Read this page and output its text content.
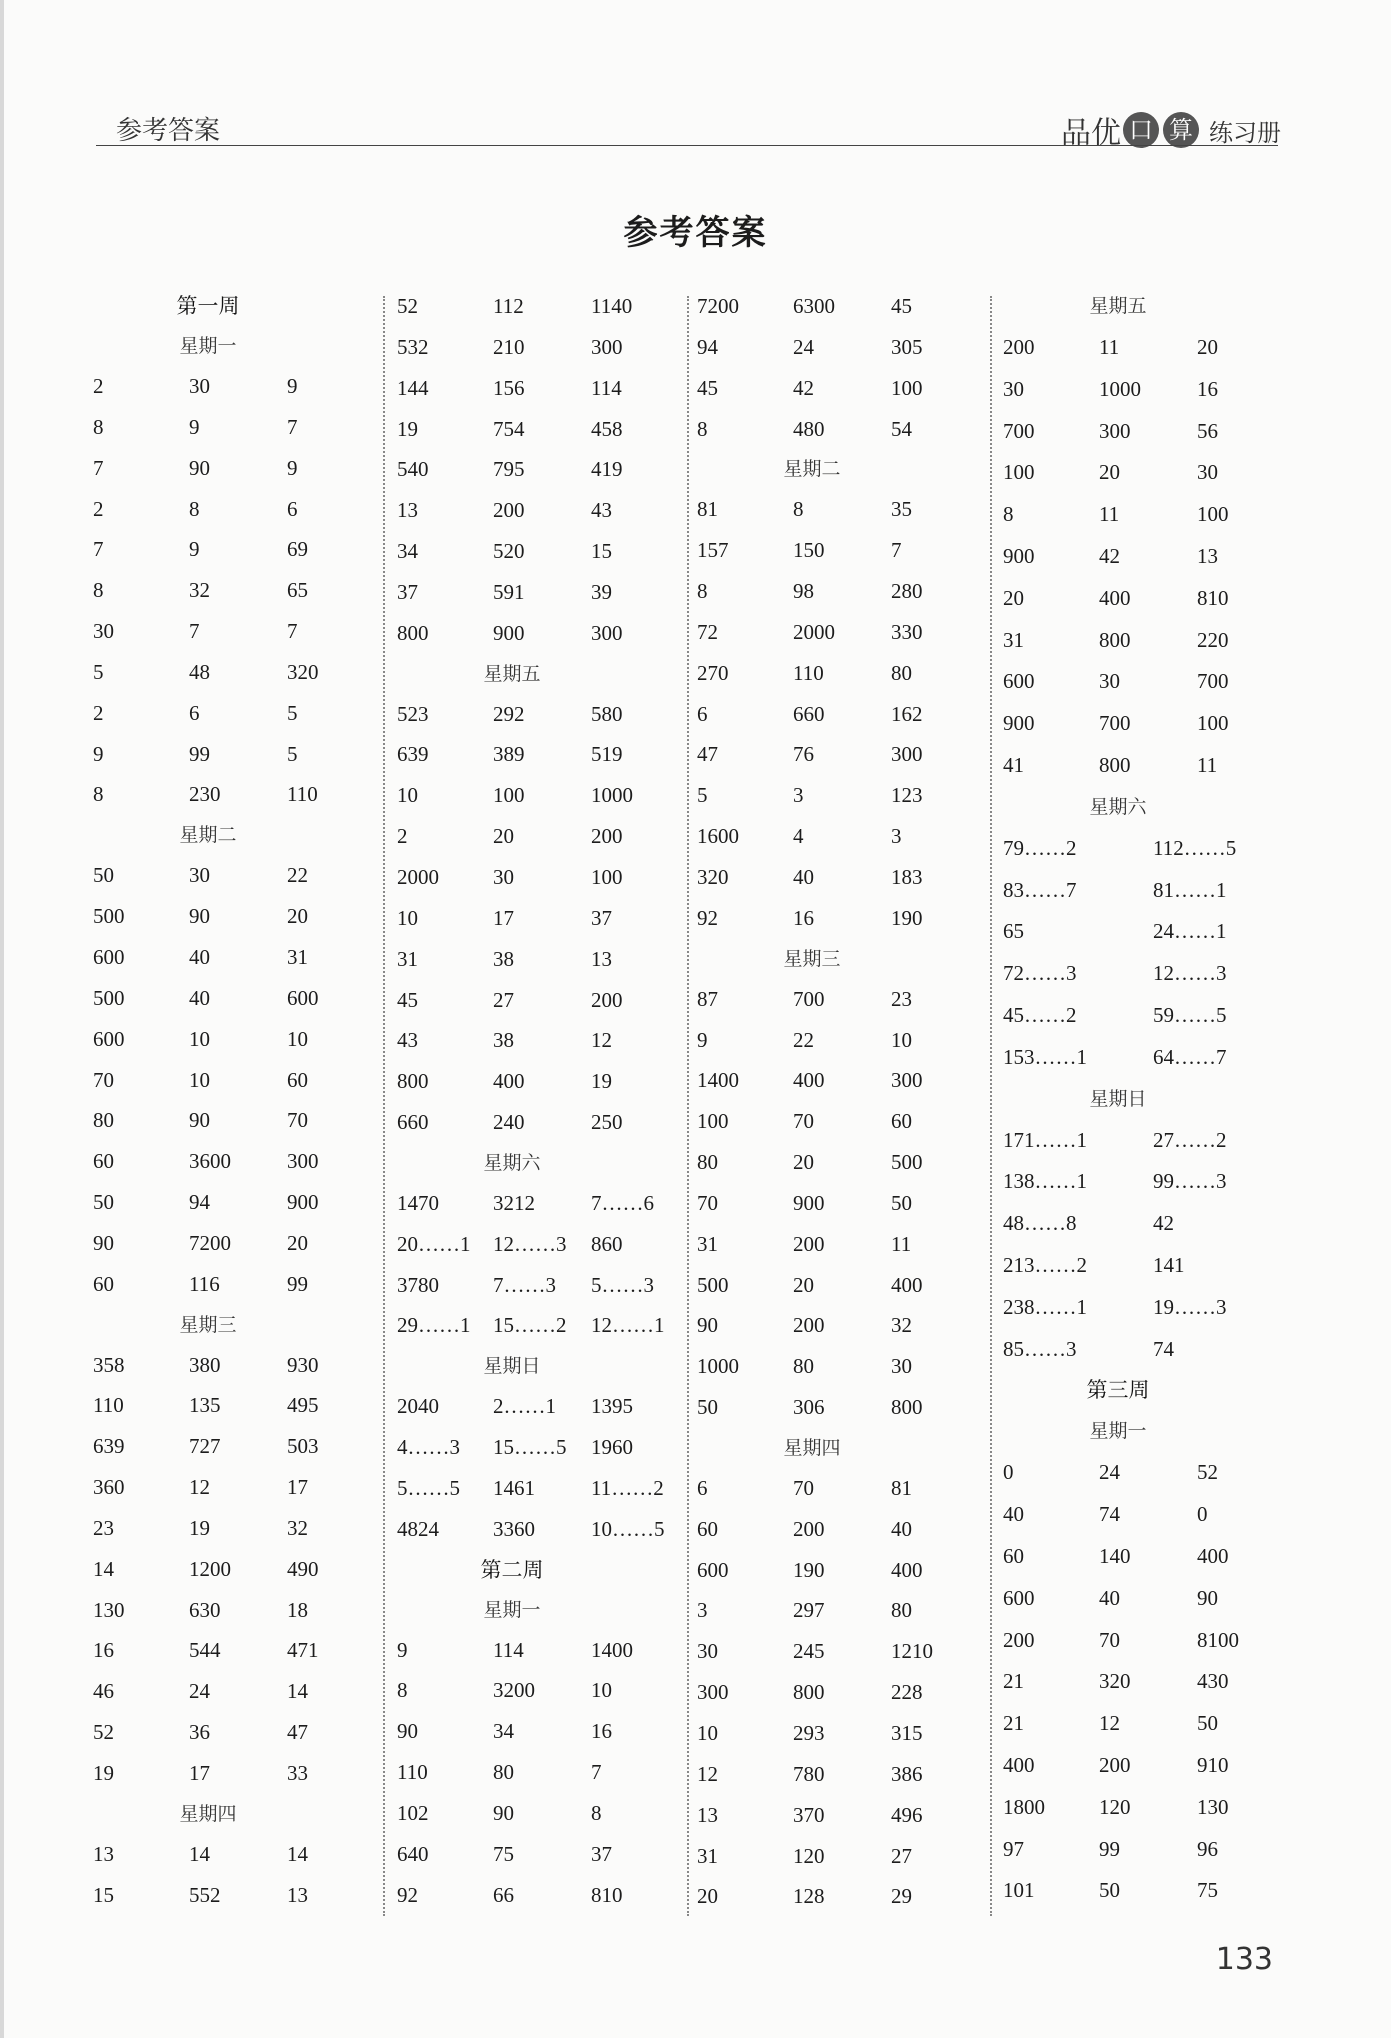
参考答案	品优 口 算 练习册
参考答案
第一周
星期一
2	30	9
8	9	7
7	90	9
2	8	6
7	9	69
8	32	65
30	7	7
5	48	320
2	6	5
9	99	5
8	230	110
星期二
50	30	22
500	90	20
600	40	31
500	40	600
600	10	10
70	10	60
80	90	70
60	3600	300
50	94	900
90	7200	20
60	116	99
星期三
358	380	930
110	135	495
639	727	503
360	12	17
23	19	32
14	1200	490
130	630	18
16	544	471
46	24	14
52	36	47
19	17	33
星期四
13	14	14
15	552	13
52	112	1140
532	210	300
144	156	114
19	754	458
540	795	419
13	200	43
34	520	15
37	591	39
800	900	300
星期五
523	292	580
639	389	519
10	100	1000
2	20	200
2000	30	100
10	17	37
31	38	13
45	27	200
43	38	12
800	400	19
660	240	250
星期六
1470	3212	7……6
20……1	12……3	860
3780	7……3	5……3
29……1	15……2	12……1
星期日
2040	2……1	1395
4……3	15……5	1960
5……5	1461	11……2
4824	3360	10……5
第二周
星期一
9	114	1400
8	3200	10
90	34	16
110	80	7
102	90	8
640	75	37
92	66	810
7200	6300	45
94	24	305
45	42	100
8	480	54
星期二
81	8	35
157	150	7
8	98	280
72	2000	330
270	110	80
6	660	162
47	76	300
5	3	123
1600	4	3
320	40	183
92	16	190
星期三
87	700	23
9	22	10
1400	400	300
100	70	60
80	20	500
70	900	50
31	200	11
500	20	400
90	200	32
1000	80	30
50	306	800
星期四
6	70	81
60	200	40
600	190	400
3	297	80
30	245	1210
300	800	228
10	293	315
12	780	386
13	370	496
31	120	27
20	128	29
星期五
200	11	20
30	1000	16
700	300	56
100	20	30
8	11	100
900	42	13
20	400	810
31	800	220
600	30	700
900	700	100
41	800	11
星期六
79……2	112……5
83……7	81……1
65	24……1
72……3	12……3
45……2	59……5
153……1	64……7
星期日
171……1	27……2
138……1	99……3
48……8	42
213……2	141
238……1	19……3
85……3	74
第三周
星期一
0	24	52
40	74	0
60	140	400
600	40	90
200	70	8100
21	320	430
21	12	50
400	200	910
1800	120	130
97	99	96
101	50	75
133
